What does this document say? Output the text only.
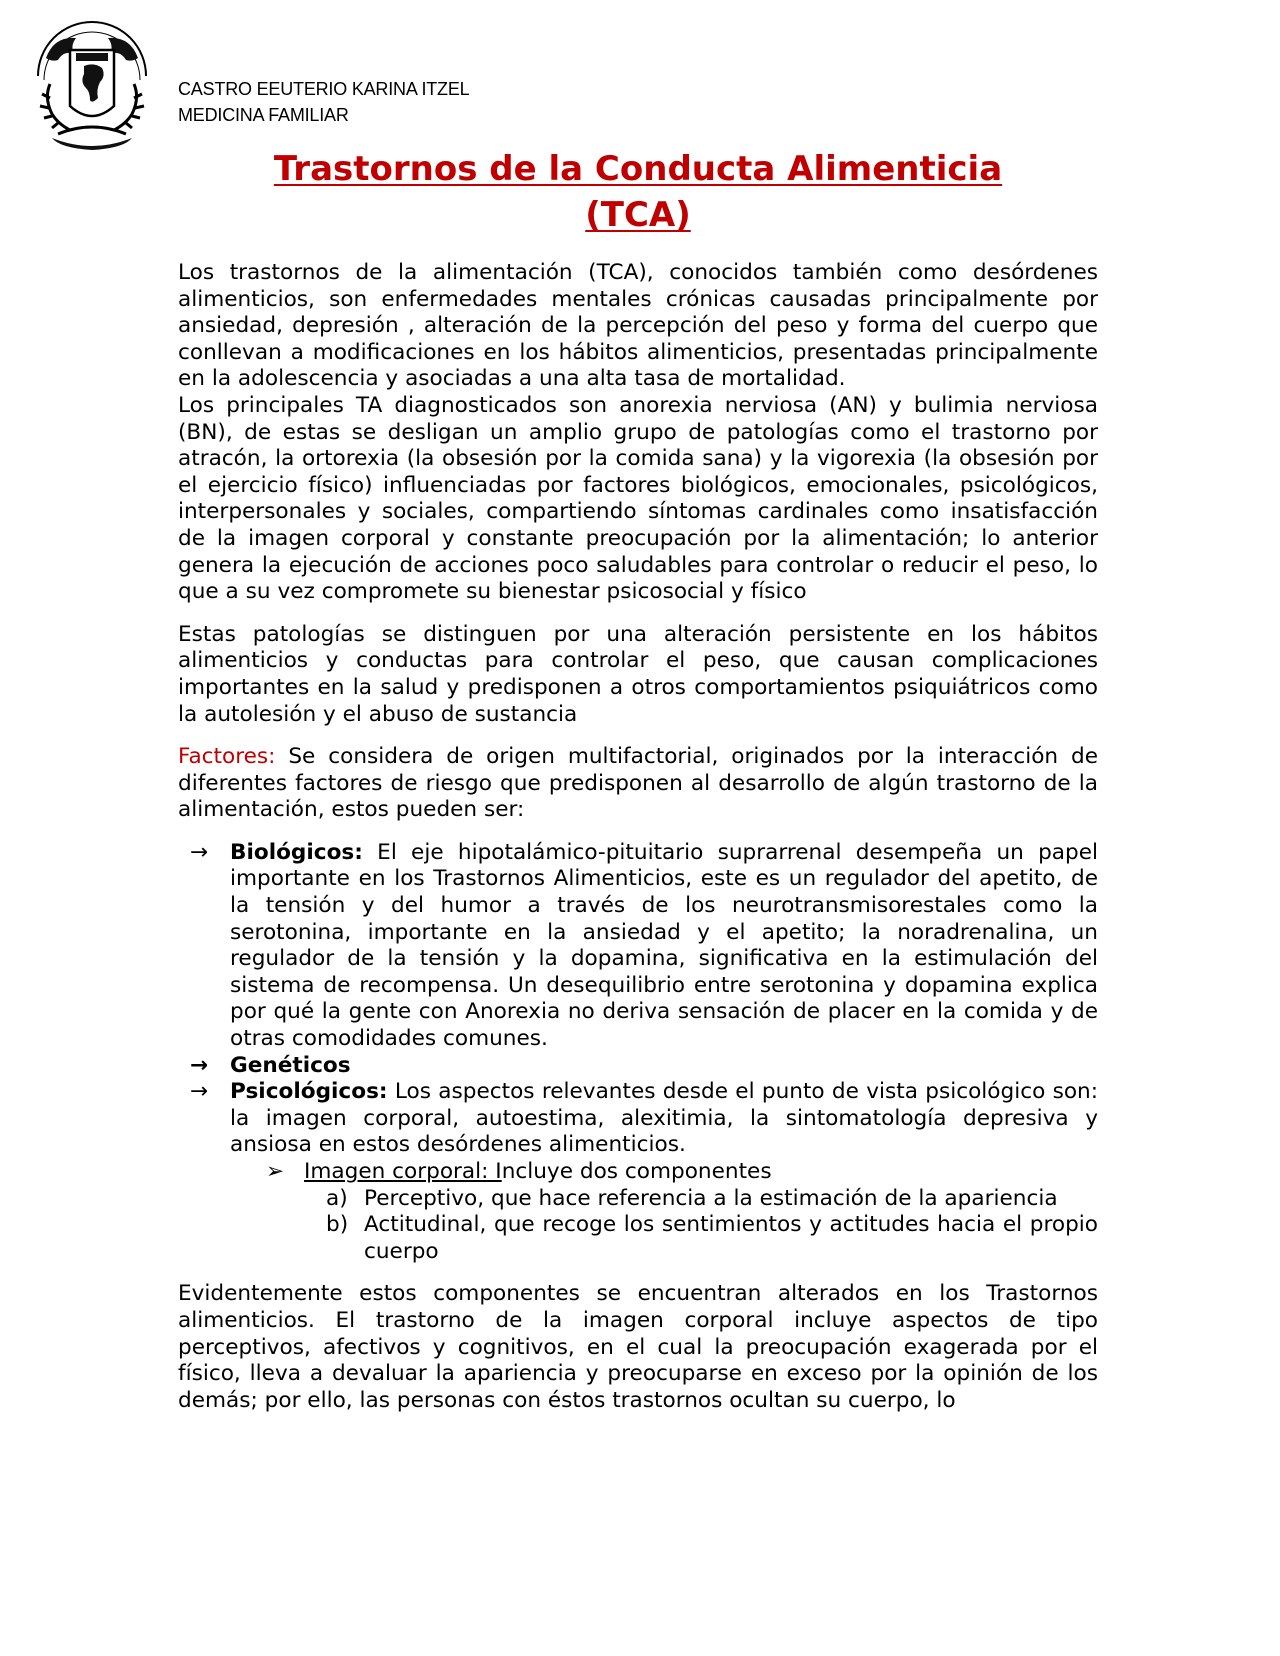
CASTRO EEUTERIO KARINA ITZEL
MEDICINA FAMILIAR
Trastornos de la Conducta Alimenticia
(TCA)

Los trastornos de la alimentación (TCA), conocidos también como desórdenes alimenticios, son enfermedades mentales crónicas causadas principalmente por ansiedad, depresión , alteración de la percepción del peso y forma del cuerpo que conllevan a modificaciones en los hábitos alimenticios, presentadas principalmente en la adolescencia y asociadas a una alta tasa de mortalidad.

Los principales TA diagnosticados son anorexia nerviosa (AN) y bulimia nerviosa (BN), de estas se desligan un amplio grupo de patologías como el trastorno por atracón, la ortorexia (la obsesión por la comida sana) y la vigorexia (la obsesión por el ejercicio físico) influenciadas por factores biológicos, emocionales, psicológicos, interpersonales y sociales, compartiendo síntomas cardinales como insatisfacción de la imagen corporal y constante preocupación por la alimentación; lo anterior genera la ejecución de acciones poco saludables para controlar o reducir el peso, lo que a su vez compromete su bienestar psicosocial y físico

Estas patologías se distinguen por una alteración persistente en los hábitos alimenticios y conductas para controlar el peso, que causan complicaciones importantes en la salud y predisponen a otros comportamientos psiquiátricos como la autolesión y el abuso de sustancia

Factores: Se considera de origen multifactorial, originados por la interacción de diferentes factores de riesgo que predisponen al desarrollo de algún trastorno de la alimentación, estos pueden ser:

→ Biológicos: El eje hipotalámico-pituitario suprarrenal desempeña un papel importante en los Trastornos Alimenticios, este es un regulador del apetito, de la tensión y del humor a través de los neurotransmisorestales como la serotonina, importante en la ansiedad y el apetito; la noradrenalina, un regulador de la tensión y la dopamina, significativa en la estimulación del sistema de recompensa. Un desequilibrio entre serotonina y dopamina explica por qué la gente con Anorexia no deriva sensación de placer en la comida y de otras comodidades comunes.
→ Genéticos
→ Psicológicos: Los aspectos relevantes desde el punto de vista psicológico son: la imagen corporal, autoestima, alexitimia, la sintomatología depresiva y ansiosa en estos desórdenes alimenticios.
➢ Imagen corporal: Incluye dos componentes
a) Perceptivo, que hace referencia a la estimación de la apariencia
b) Actitudinal, que recoge los sentimientos y actitudes hacia el propio cuerpo

Evidentemente estos componentes se encuentran alterados en los Trastornos alimenticios. El trastorno de la imagen corporal incluye aspectos de tipo perceptivos, afectivos y cognitivos, en el cual la preocupación exagerada por el físico, lleva a devaluar la apariencia y preocuparse en exceso por la opinión de los demás; por ello, las personas con éstos trastornos ocultan su cuerpo, lo
